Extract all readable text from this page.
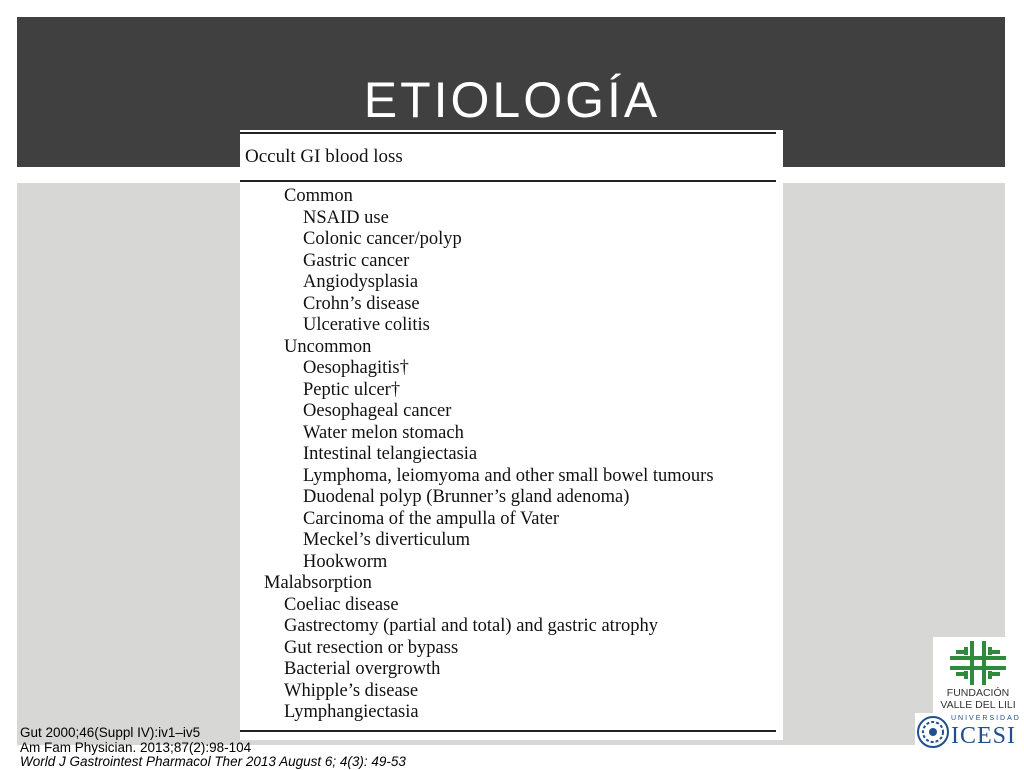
Occult GI blood loss
Common
NSAID use
Colonic cancer/polyp
Gastric cancer
Angiodysplasia
Crohn’s disease
Ulcerative colitis
Uncommon
Oesophagitis†
Peptic ulcer†
Oesophageal cancer
Water melon stomach
Intestinal telangiectasia
Lymphoma, leiomyoma and other small bowel tumours
Duodenal polyp (Brunner’s gland adenoma)
Carcinoma of the ampulla of Vater
Meckel’s diverticulum
Hookworm
Malabsorption
Coeliac disease
Gastrectomy (partial and total) and gastric atrophy
Gut resection or bypass
Bacterial overgrowth
Whipple’s disease
Lymphangiectasia
ETIOLOGÍA
Gut 2000;46(Suppl IV):iv1–iv5
Am Fam Physician. 2013;87(2):98-104
World J Gastrointest Pharmacol Ther 2013 August 6; 4(3): 49-53
FUNDACIÓN
VALLE DEL LILI
UNIVERSIDAD
ICESI
